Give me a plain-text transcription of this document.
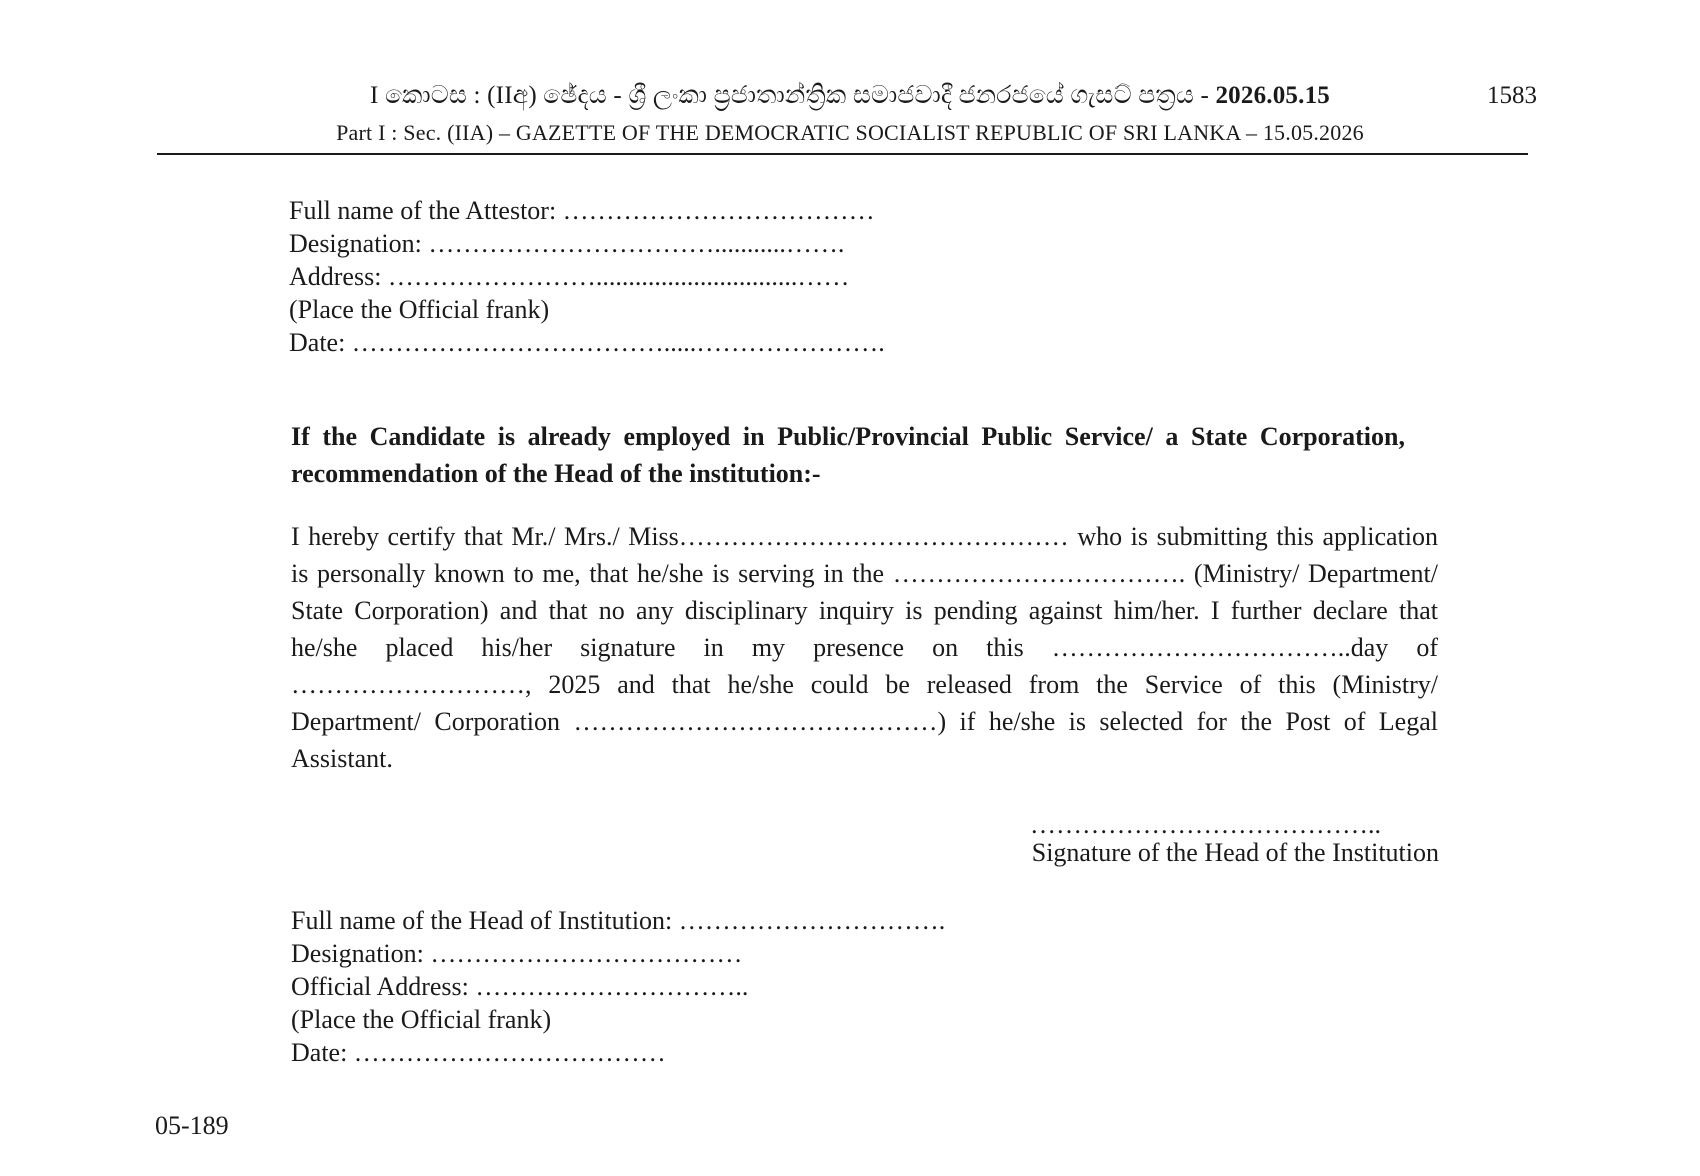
I කොටස : (IIඅ) ඡේදය - ශ්‍රී ලංකා ප්‍රජාතාන්ත්‍රික සමාජවාදී ජනරජයේ ගැසට් පත්‍රය - 2026.05.15
Part I : Sec. (IIA) – GAZETTE OF THE DEMOCRATIC SOCIALIST REPUBLIC OF SRI LANKA – 15.05.2026
1583
Full name of the Attestor: ………………………………
Designation: ……………………………...........…….
Address: ……………………...............................……
(Place the Official frank)
Date: ……………………………….....………………….
If the Candidate is already employed in Public/Provincial Public Service/ a State Corporation, recommendation of the Head of the institution:-
I hereby certify that Mr./ Mrs./ Miss……………………………………… who is submitting this application is personally known to me, that he/she is serving in the ……………………………. (Ministry/ Department/ State Corporation) and that no any disciplinary inquiry is pending against him/her. I further declare that he/she placed his/her signature in my presence on this ……………………………..day of ………………………, 2025 and that he/she could be released from the Service of this (Ministry/ Department/ Corporation ……………………………………) if he/she is selected for the Post of Legal Assistant.
…………………………………..
Signature of the Head of the Institution
Full name of the Head of Institution: ………………………….
Designation: ………………………………
Official Address: …………………………..
(Place the Official frank)
Date: ………………………………
05-189
